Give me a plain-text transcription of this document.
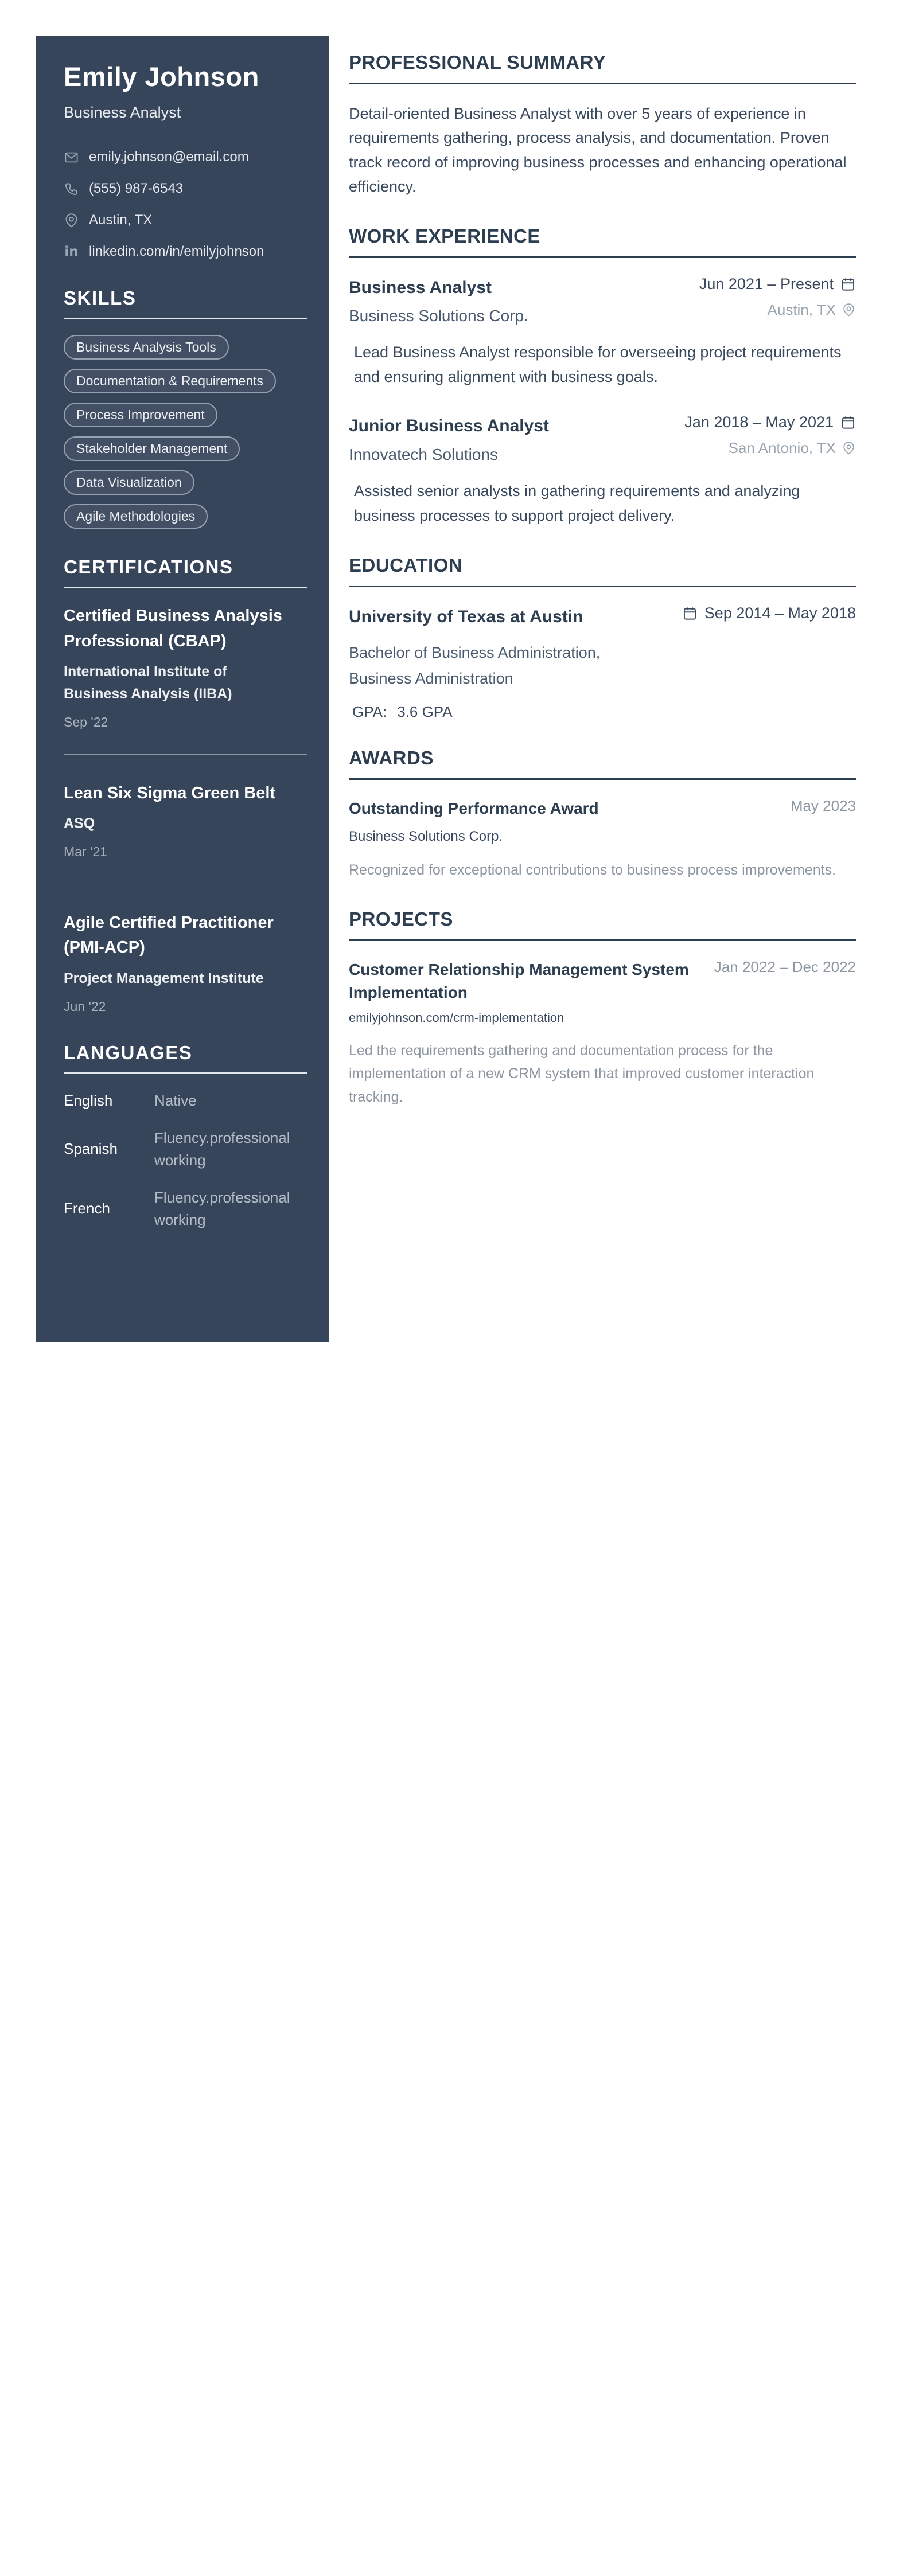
Emily Johnson
Business Analyst
emily.johnson@email.com
(555) 987-6543
Austin, TX
in linkedin.com/in/emilyjohnson
SKILLS
Business Analysis Tools
Documentation & Requirements
Process Improvement
Stakeholder Management
Data Visualization
Agile Methodologies
CERTIFICATIONS
Certified Business Analysis Professional (CBAP)
International Institute of Business Analysis (IIBA)
Sep '22
Lean Six Sigma Green Belt
ASQ
Mar '21
Agile Certified Practitioner (PMI-ACP)
Project Management Institute
Jun '22
LANGUAGES
English	Native
Spanish
Fluency.professional working
French
Fluency.professional working
PROFESSIONAL SUMMARY

Detail-oriented Business Analyst with over 5 years of experience in requirements gathering, process analysis, and documentation. Proven track record of improving business processes and enhancing operational efficiency.

WORK EXPERIENCE
Business Analyst
Business Solutions Corp.
Jun 2021 – Present
Austin, TX

Lead Business Analyst responsible for overseeing project requirements and ensuring alignment with business goals.

Junior Business Analyst
Innovatech Solutions
Jan 2018 – May 2021
San Antonio, TX

Assisted senior analysts in gathering requirements and analyzing business processes to support project delivery.

EDUCATION
University of Texas at Austin
Bachelor of Business Administration, Business Administration
GPA: 3.6 GPA
Sep 2014 – May 2018
AWARDS
Outstanding Performance Award
Business Solutions Corp.
May 2023

Recognized for exceptional contributions to business process improvements.

PROJECTS
Customer Relationship Management System Implementation
emilyjohnson.com/crm-implementation
Jan 2022 – Dec 2022

Led the requirements gathering and documentation process for the implementation of a new CRM system that improved customer interaction tracking.
